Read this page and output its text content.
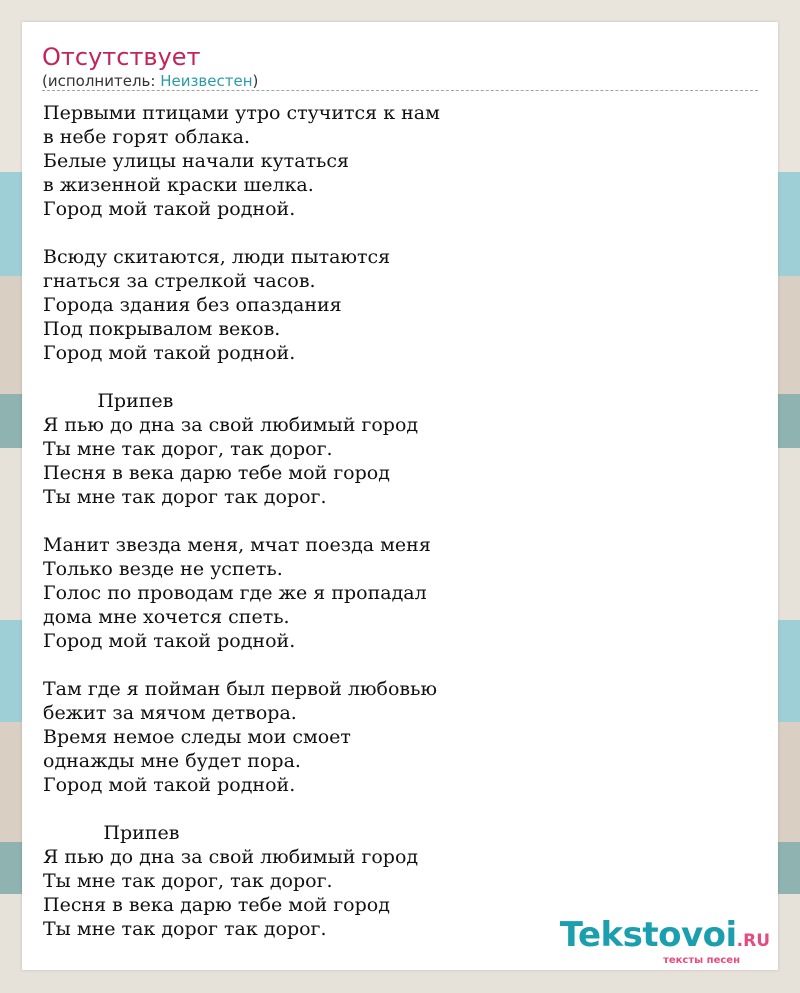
Отсутствует
(исполнитель: Неизвестен)
Первыми птицами утро стучится к нам
в небе горят облака.
Белые улицы начали кутаться
в жизенной краски шелка.
Город мой такой родной.
Всюду скитаются, люди пытаются
гнаться за стрелкой часов.
Города здания без опаздания
Под покрывалом веков.
Город мой такой родной.
Припев
Я пью до дна за свой любимый город
Ты мне так дорог, так дорог.
Песня в века дарю тебе мой город
Ты мне так дорог так дорог.
Манит звезда меня, мчат поезда меня
Только везде не успеть.
Голос по проводам где же я пропадал
дома мне хочется спеть.
Город мой такой родной.
Там где я пойман был первой любовью
бежит за мячом детвора.
Время немое следы мои смоет
однажды мне будет пора.
Город мой такой родной.
Припев
Я пью до дна за свой любимый город
Ты мне так дорог, так дорог.
Песня в века дарю тебе мой город
Ты мне так дорог так дорог.	Tekstovoi.RU
тексты песен
